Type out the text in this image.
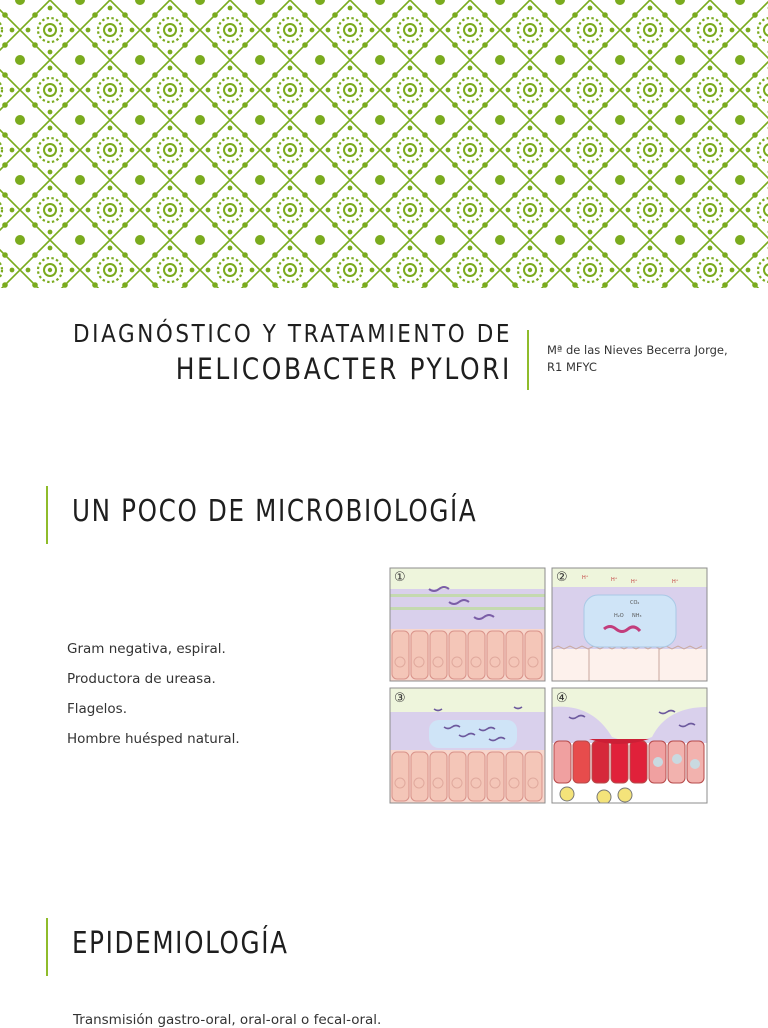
DIAGNÓSTICO Y TRATAMIENTO DE
HELICOBACTER PYLORI
Mª de las Nieves Becerra Jorge,
R1 MFYC
UN POCO DE MICROBIOLOGÍA
Gram negativa, espiral.
Productora de ureasa.
Flagelos.
Hombre huésped natural.
①	②	H⁺	H⁺	H⁺	H⁺
CO₂
NH₃
H₂O
③	④
EPIDEMIOLOGÍA
Transmisión gastro-oral, oral-oral o fecal-oral.
